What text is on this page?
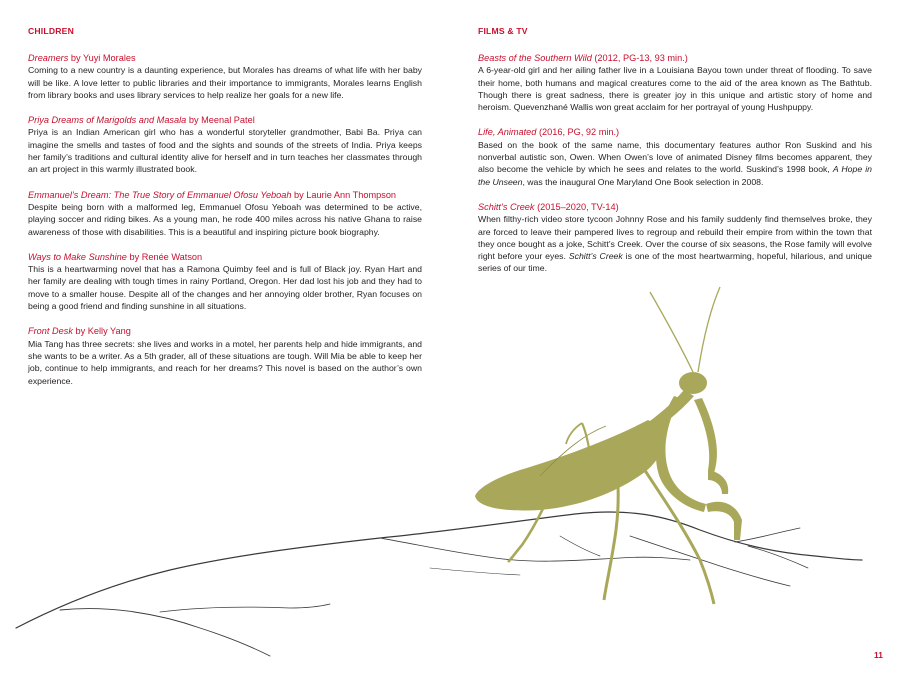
CHILDREN

Dreamers by Yuyi Morales

Coming to a new country is a daunting experience, but Morales has dreams of what life with her baby will be like. A love letter to public libraries and their importance to immigrants, Morales learns English from library books and uses library services to help realize her goals for a new life.

Priya Dreams of Marigolds and Masala by Meenal Patel

Priya is an Indian American girl who has a wonderful storyteller grandmother, Babi Ba. Priya can imagine the smells and tastes of food and the sights and sounds of the streets of India. Priya keeps her family’s traditions and cultural identity alive for herself and in turn teaches her classmates through an art project in this warmly illustrated book.

Emmanuel’s Dream: The True Story of Emmanuel Ofosu Yeboah by Laurie Ann Thompson

Despite being born with a malformed leg, Emmanuel Ofosu Yeboah was determined to be active, playing soccer and riding bikes. As a young man, he rode 400 miles across his native Ghana to raise awareness of those with disabilities. This is a beautiful and inspiring picture book biography.

Ways to Make Sunshine by Renée Watson

This is a heartwarming novel that has a Ramona Quimby feel and is full of Black joy. Ryan Hart and her family are dealing with tough times in rainy Portland, Oregon. Her dad lost his job and they had to move to a smaller house. Despite all of the changes and her annoying older brother, Ryan focuses on being a good friend and finding sunshine in all situations.

Front Desk by Kelly Yang

Mia Tang has three secrets: she lives and works in a motel, her parents help and hide immigrants, and she wants to be a writer. As a 5th grader, all of these situations are tough. Will Mia be able to keep her job, continue to help immigrants, and reach for her dreams? This novel is based on the author’s own experience.

FILMS & TV

Beasts of the Southern Wild (2012, PG-13, 93 min.)

A 6-year-old girl and her ailing father live in a Louisiana Bayou town under threat of flooding. To save their home, both humans and magical creatures come to the aid of the area known as The Bathtub. Though there is great sadness, there is greater joy in this unique and artistic story of home and heroism. Quevenzhané Wallis won great acclaim for her portrayal of young Hushpuppy.

Life, Animated (2016, PG, 92 min.)

Based on the book of the same name, this documentary features author Ron Suskind and his nonverbal autistic son, Owen. When Owen’s love of animated Disney films becomes apparent, they also become the vehicle by which he sees and relates to the world. Suskind’s 1998 book, A Hope in the Unseen, was the inaugural One Maryland One Book selection in 2008.

Schitt’s Creek (2015–2020, TV-14)

When filthy-rich video store tycoon Johnny Rose and his family suddenly find themselves broke, they are forced to leave their pampered lives to regroup and rebuild their empire from within the town that they once bought as a joke, Schitt’s Creek. Over the course of six seasons, the Rose family will evolve right before your eyes. Schitt’s Creek is one of the most heartwarming, hopeful, hilarious, and unique series of our time.

11
